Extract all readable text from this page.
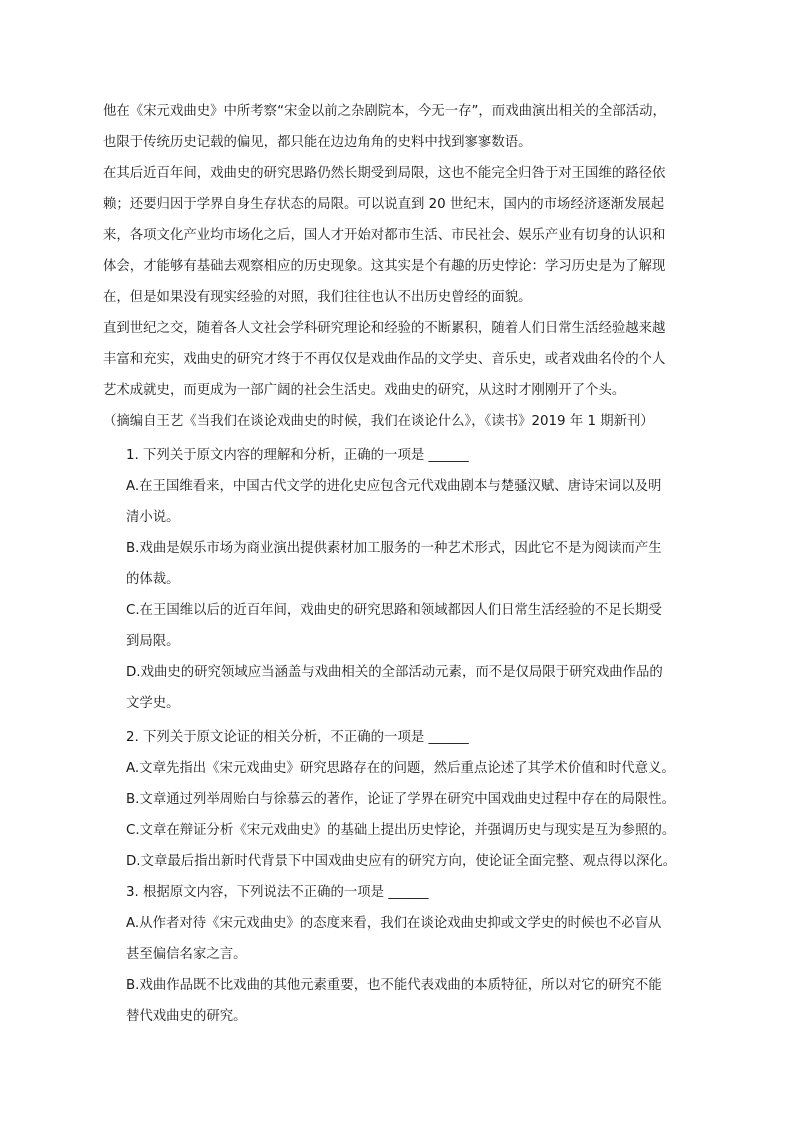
他在《宋元戏曲史》中所考察“宋金以前之杂剧院本，今无一存”，而戏曲演出相关的全部活动，
也限于传统历史记载的偏见，都只能在边边角角的史料中找到寥寥数语。
在其后近百年间，戏曲史的研究思路仍然长期受到局限，这也不能完全归咎于对王国维的路径依
赖；还要归因于学界自身生存状态的局限。可以说直到 20 世纪末，国内的市场经济逐渐发展起
来，各项文化产业均市场化之后，国人才开始对都市生活、市民社会、娱乐产业有切身的认识和
体会，才能够有基础去观察相应的历史现象。这其实是个有趣的历史悖论：学习历史是为了解现
在，但是如果没有现实经验的对照，我们往往也认不出历史曾经的面貌。
直到世纪之交，随着各人文社会学科研究理论和经验的不断累积，随着人们日常生活经验越来越
丰富和充实，戏曲史的研究才终于不再仅仅是戏曲作品的文学史、音乐史，或者戏曲名伶的个人
艺术成就史，而更成为一部广阔的社会生活史。戏曲史的研究，从这时才刚刚开了个头。
（摘编自王艺《当我们在谈论戏曲史的时候，我们在谈论什么》，《读书》2019 年 1 期新刊）
1. 下列关于原文内容的理解和分析，正确的一项是 ______
A.在王国维看来，中国古代文学的进化史应包含元代戏曲剧本与楚骚汉赋、唐诗宋词以及明
清小说。
B.戏曲是娱乐市场为商业演出提供素材加工服务的一种艺术形式，因此它不是为阅读而产生
的体裁。
C.在王国维以后的近百年间，戏曲史的研究思路和领域都因人们日常生活经验的不足长期受
到局限。
D.戏曲史的研究领域应当涵盖与戏曲相关的全部活动元素，而不是仅局限于研究戏曲作品的
文学史。
2. 下列关于原文论证的相关分析，不正确的一项是 ______
A.文章先指出《宋元戏曲史》研究思路存在的问题，然后重点论述了其学术价值和时代意义。
B.文章通过列举周贻白与徐慕云的著作，论证了学界在研究中国戏曲史过程中存在的局限性。
C.文章在辩证分析《宋元戏曲史》的基础上提出历史悖论，并强调历史与现实是互为参照的。
D.文章最后指出新时代背景下中国戏曲史应有的研究方向，使论证全面完整、观点得以深化。
3. 根据原文内容，下列说法不正确的一项是 ______
A.从作者对待《宋元戏曲史》的态度来看，我们在谈论戏曲史抑或文学史的时候也不必盲从
甚至偏信名家之言。
B.戏曲作品既不比戏曲的其他元素重要，也不能代表戏曲的本质特征，所以对它的研究不能
替代戏曲史的研究。
